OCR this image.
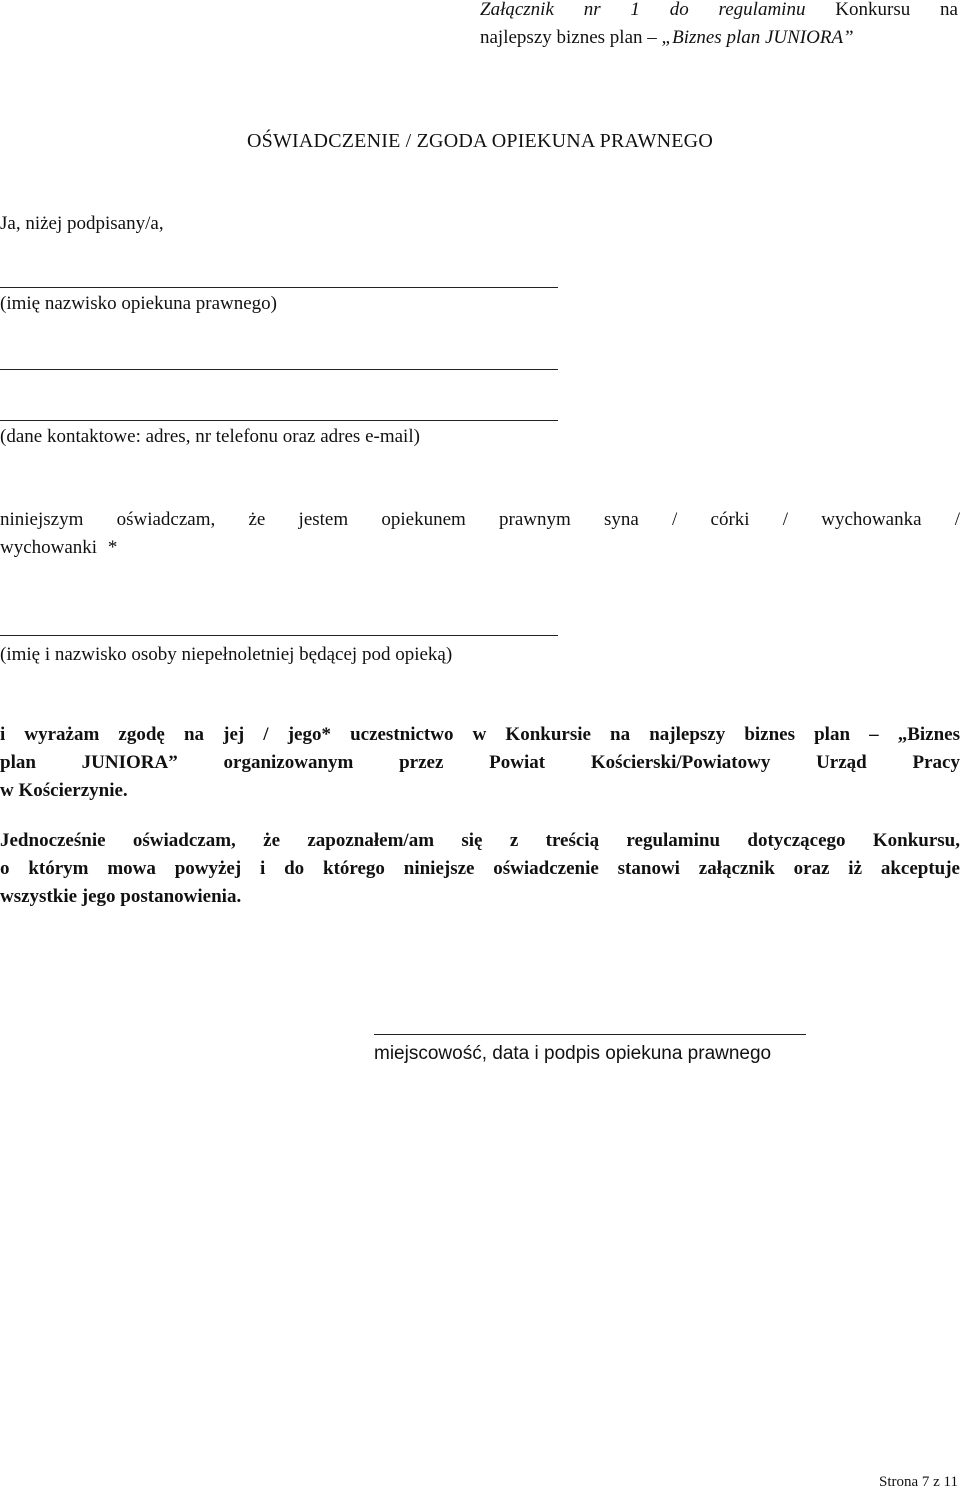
Załącznik nr 1 do regulaminu Konkursu na
najlepszy biznes plan – „Biznes plan JUNIORA”
OŚWIADCZENIE / ZGODA OPIEKUNA PRAWNEGO
Ja, niżej podpisany/a,
(imię nazwisko opiekuna prawnego)
(dane kontaktowe: adres, nr telefonu oraz adres e-mail)
niniejszym oświadczam, że jestem opiekunem prawnym syna / córki / wychowanka /
wychowanki *
(imię i nazwisko osoby niepełnoletniej będącej pod opieką)
i wyrażam zgodę na jej / jego* uczestnictwo w Konkursie na najlepszy biznes plan – „Biznes
plan JUNIORA” organizowanym przez Powiat Kościerski/Powiatowy Urząd Pracy
w Kościerzynie.
Jednocześnie oświadczam, że zapoznałem/am się z treścią regulaminu dotyczącego Konkursu,
o którym mowa powyżej i do którego niniejsze oświadczenie stanowi załącznik oraz iż akceptuje
wszystkie jego postanowienia.
miejscowość, data i podpis opiekuna prawnego
Strona 7 z 11
